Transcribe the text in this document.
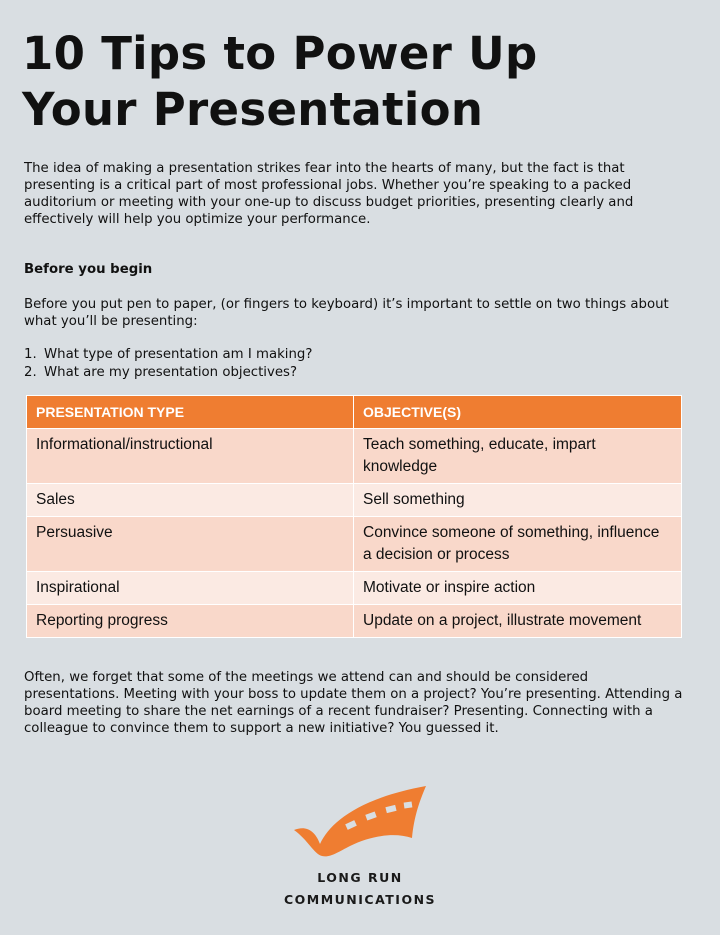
10 Tips to Power Up
Your Presentation

The idea of making a presentation strikes fear into the hearts of many, but the fact is that presenting is a critical part of most professional jobs. Whether you’re speaking to a packed auditorium or meeting with your one-up to discuss budget priorities, presenting clearly and effectively will help you optimize your performance.

Before you begin

Before you put pen to paper, (or fingers to keyboard) it’s important to settle on two things about what you’ll be presenting:

1. What type of presentation am I making?
2. What are my presentation objectives?
PRESENTATION TYPE	OBJECTIVE(S)
Informational/instructional	Teach something, educate, impart knowledge
Sales	Sell something
Persuasive	Convince someone of something, influence a decision or process
Inspirational	Motivate or inspire action
Reporting progress	Update on a project, illustrate movement

Often, we forget that some of the meetings we attend can and should be considered presentations. Meeting with your boss to update them on a project? You’re presenting. Attending a board meeting to share the net earnings of a recent fundraiser? Presenting. Connecting with a colleague to convince them to support a new initiative? You guessed it.

LONG RUN
COMMUNICATIONS
